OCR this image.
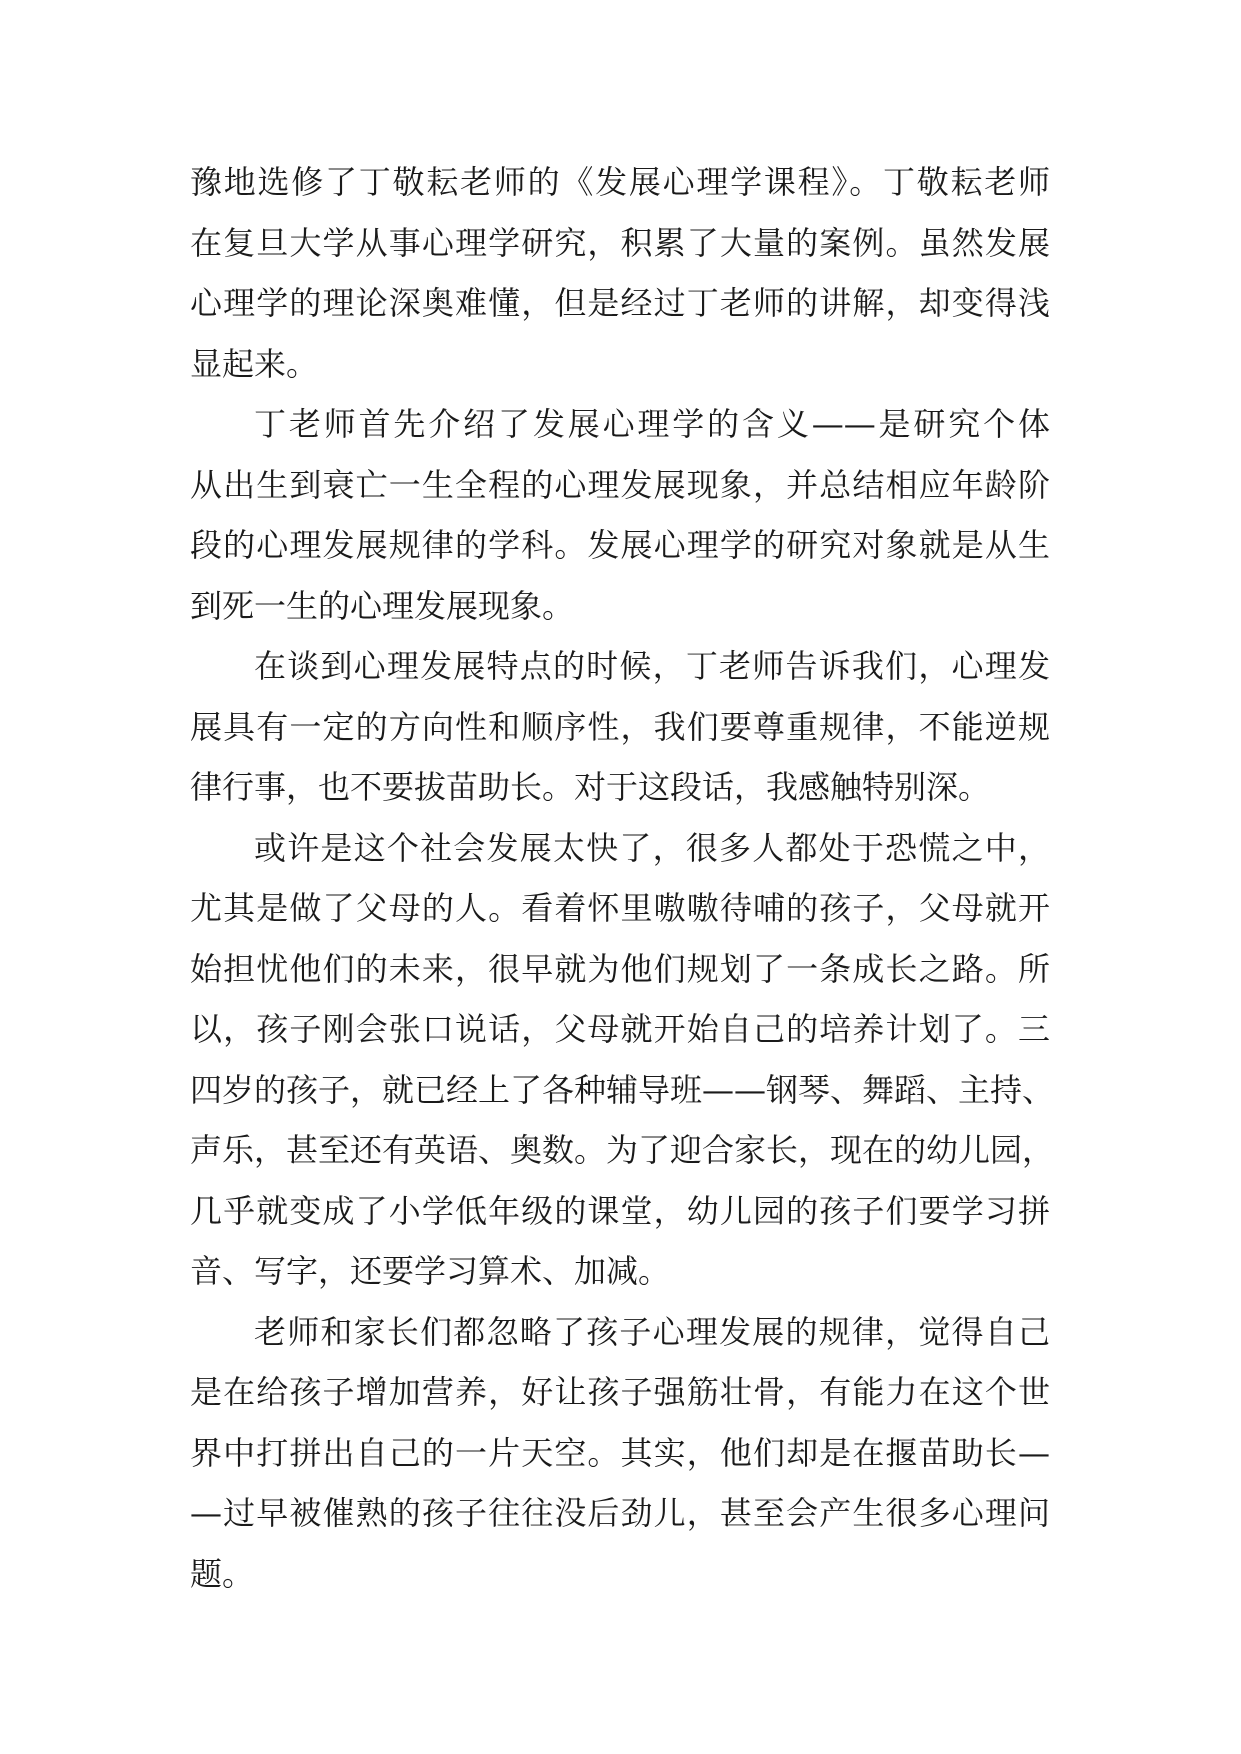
豫地选修了丁敬耘老师的《发展心理学课程》。丁敬耘老师
在复旦大学从事心理学研究，积累了大量的案例。虽然发展
心理学的理论深奥难懂，但是经过丁老师的讲解，却变得浅
显起来。
丁老师首先介绍了发展心理学的含义——是研究个体
从出生到衰亡一生全程的心理发展现象，并总结相应年龄阶
段的心理发展规律的学科。发展心理学的研究对象就是从生
到死一生的心理发展现象。
在谈到心理发展特点的时候，丁老师告诉我们，心理发
展具有一定的方向性和顺序性，我们要尊重规律，不能逆规
律行事，也不要拔苗助长。对于这段话，我感触特别深。
或许是这个社会发展太快了，很多人都处于恐慌之中，
尤其是做了父母的人。看着怀里嗷嗷待哺的孩子，父母就开
始担忧他们的未来，很早就为他们规划了一条成长之路。所
以，孩子刚会张口说话，父母就开始自己的培养计划了。三
四岁的孩子，就已经上了各种辅导班——钢琴、舞蹈、主持、
声乐，甚至还有英语、奥数。为了迎合家长，现在的幼儿园，
几乎就变成了小学低年级的课堂，幼儿园的孩子们要学习拼
音、写字，还要学习算术、加减。
老师和家长们都忽略了孩子心理发展的规律，觉得自己
是在给孩子增加营养，好让孩子强筋壮骨，有能力在这个世
界中打拼出自己的一片天空。其实，他们却是在揠苗助长—
—过早被催熟的孩子往往没后劲儿，甚至会产生很多心理问
题。
